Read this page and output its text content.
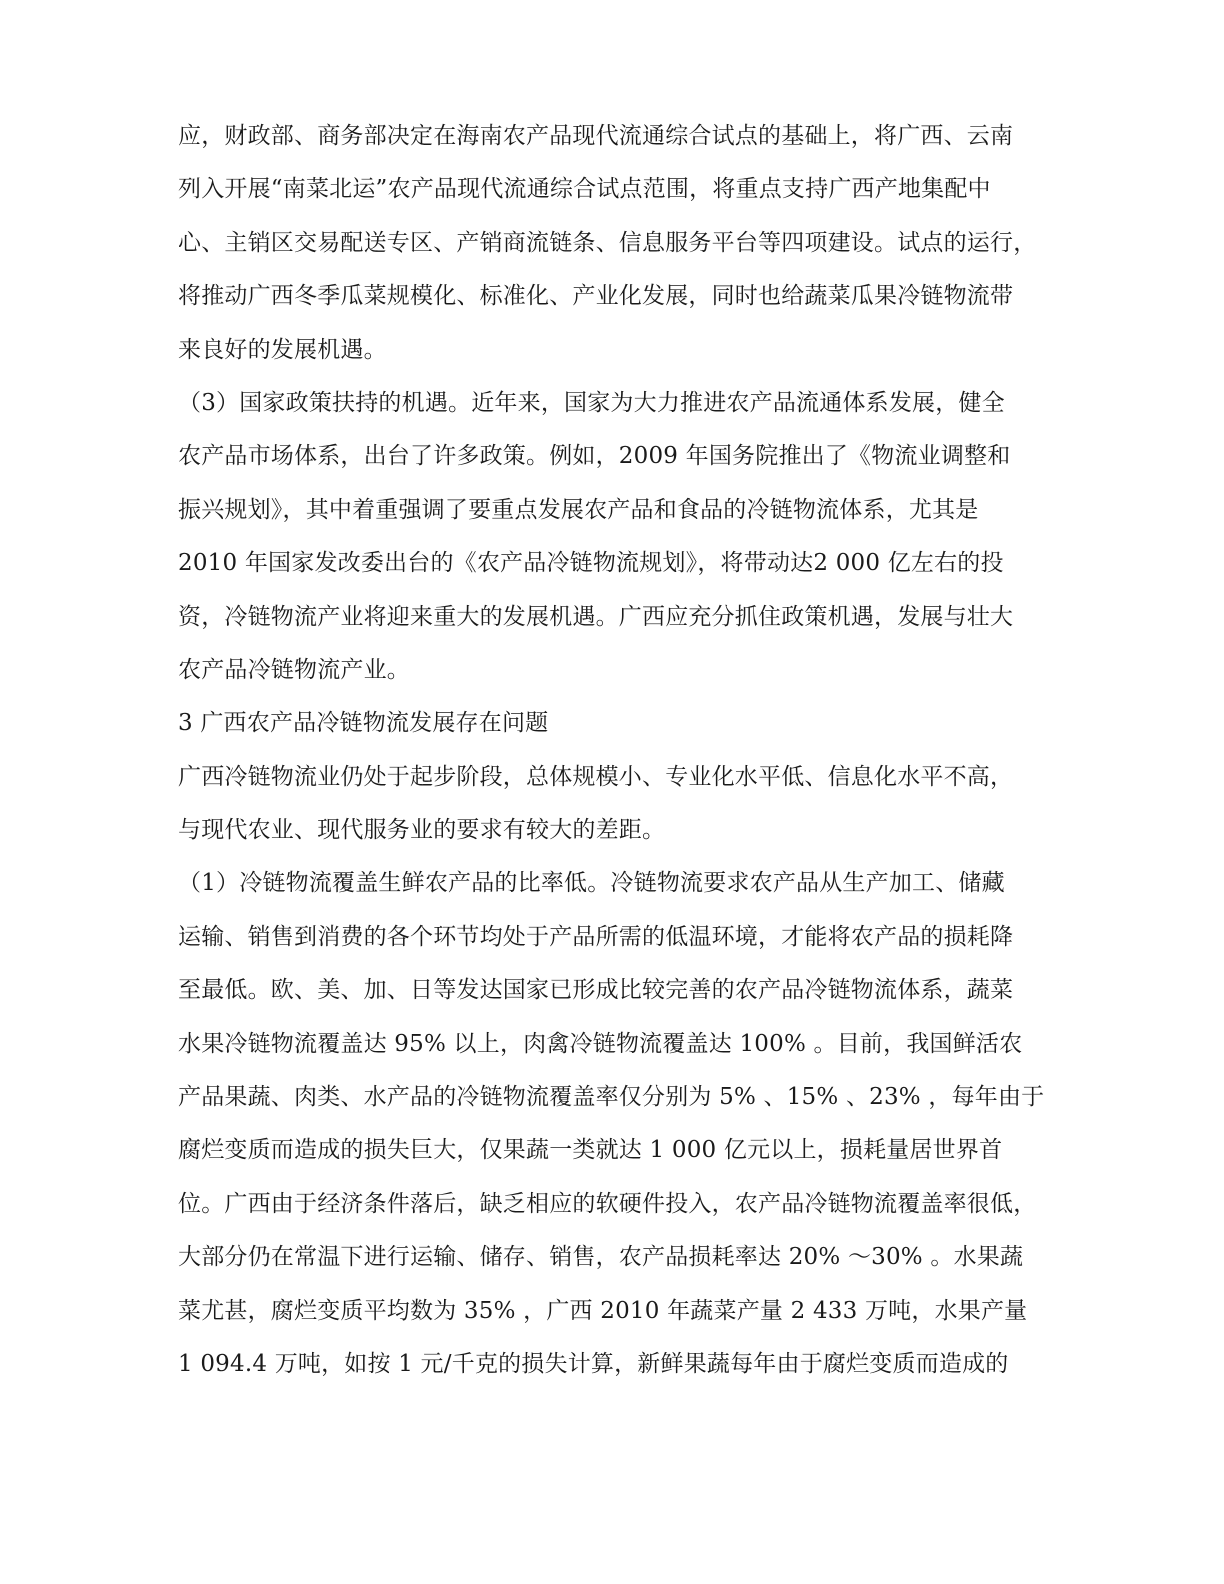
应，财政部、商务部决定在海南农产品现代流通综合试点的基础上，将广西、云南
列入开展“南菜北运”农产品现代流通综合试点范围，将重点支持广西产地集配中
心、主销区交易配送专区、产销商流链条、信息服务平台等四项建设。试点的运行，
将推动广西冬季瓜菜规模化、标准化、产业化发展，同时也给蔬菜瓜果冷链物流带
来良好的发展机遇。
（3）国家政策扶持的机遇。近年来，国家为大力推进农产品流通体系发展，健全
农产品市场体系，出台了许多政策。例如，2009 年国务院推出了《物流业调整和
振兴规划》，其中着重强调了要重点发展农产品和食品的冷链物流体系，尤其是
2010 年国家发改委出台的《农产品冷链物流规划》，将带动达2 000 亿左右的投
资，冷链物流产业将迎来重大的发展机遇。广西应充分抓住政策机遇，发展与壮大
农产品冷链物流产业。
3 广西农产品冷链物流发展存在问题
广西冷链物流业仍处于起步阶段，总体规模小、专业化水平低、信息化水平不高，
与现代农业、现代服务业的要求有较大的差距。
（1）冷链物流覆盖生鲜农产品的比率低。冷链物流要求农产品从生产加工、储藏
运输、销售到消费的各个环节均处于产品所需的低温环境，才能将农产品的损耗降
至最低。欧、美、加、日等发达国家已形成比较完善的农产品冷链物流体系，蔬菜
水果冷链物流覆盖达 95% 以上，肉禽冷链物流覆盖达 100% 。目前，我国鲜活农
产品果蔬、肉类、水产品的冷链物流覆盖率仅分别为 5% 、15% 、23% ，每年由于
腐烂变质而造成的损失巨大，仅果蔬一类就达 1 000 亿元以上，损耗量居世界首
位。广西由于经济条件落后，缺乏相应的软硬件投入，农产品冷链物流覆盖率很低，
大部分仍在常温下进行运输、储存、销售，农产品损耗率达 20% ～30% 。水果蔬
菜尤甚，腐烂变质平均数为 35% ，广西 2010 年蔬菜产量 2 433 万吨，水果产量
1 094.4 万吨，如按 1 元/千克的损失计算，新鲜果蔬每年由于腐烂变质而造成的
